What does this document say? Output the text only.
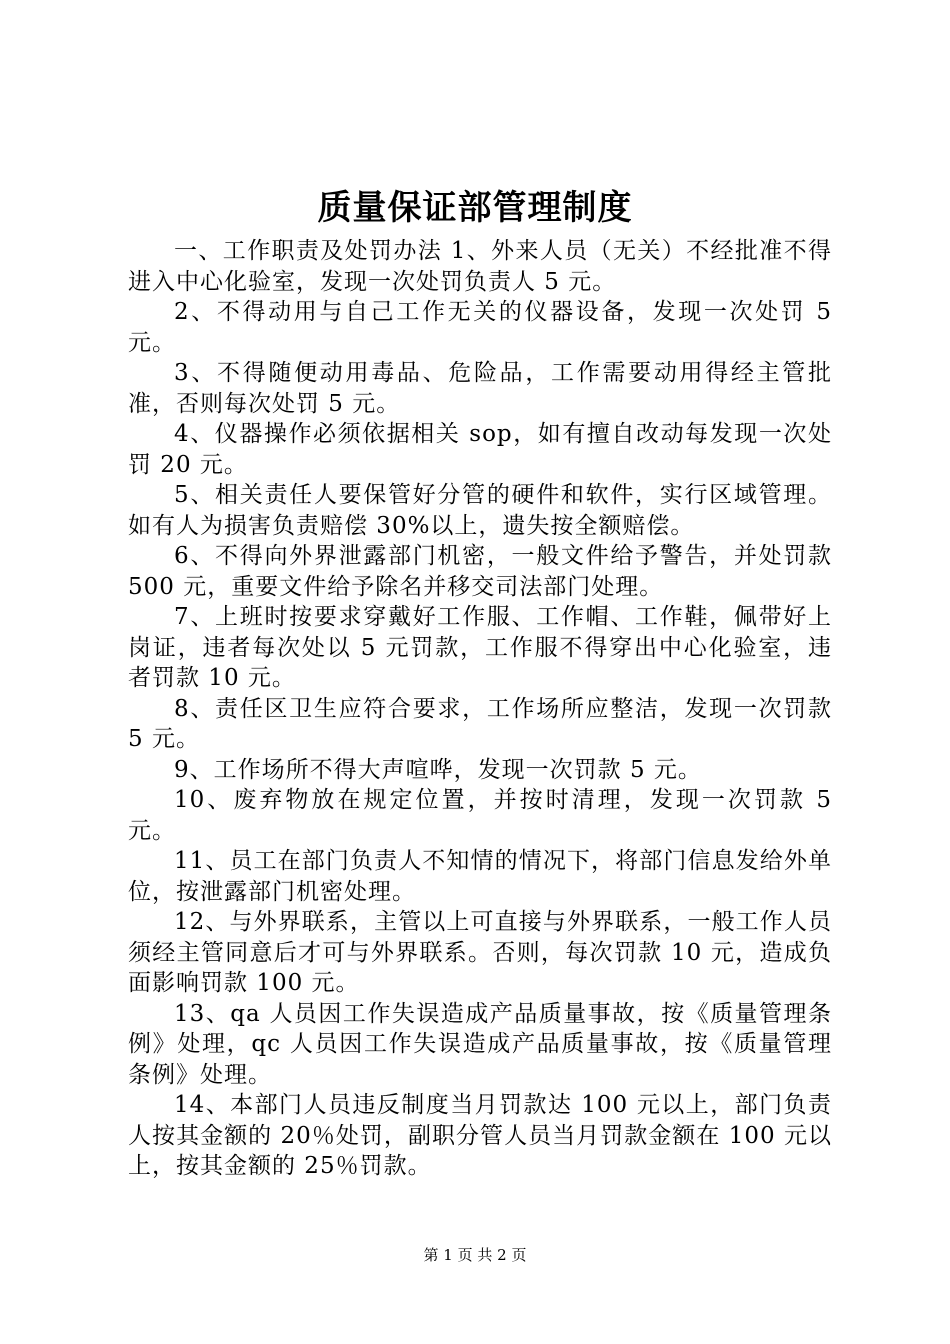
质量保证部管理制度

一、工作职责及处罚办法 1、外来人员（无关）不经批准不得进入中心化验室，发现一次处罚负责人 5 元。

2、不得动用与自己工作无关的仪器设备，发现一次处罚 5 元。

3、不得随便动用毒品、危险品，工作需要动用得经主管批准，否则每次处罚 5 元。

4、仪器操作必须依据相关 sop，如有擅自改动每发现一次处罚 20 元。

5、相关责任人要保管好分管的硬件和软件，实行区域管理。如有人为损害负责赔偿 30%以上，遗失按全额赔偿。

6、不得向外界泄露部门机密，一般文件给予警告，并处罚款 500 元，重要文件给予除名并移交司法部门处理。

7、上班时按要求穿戴好工作服、工作帽、工作鞋，佩带好上岗证，违者每次处以 5 元罚款，工作服不得穿出中心化验室，违者罚款 10 元。

8、责任区卫生应符合要求，工作场所应整洁，发现一次罚款 5 元。

9、工作场所不得大声喧哗，发现一次罚款 5 元。

10、废弃物放在规定位置，并按时清理，发现一次罚款 5 元。

11、员工在部门负责人不知情的情况下，将部门信息发给外单位，按泄露部门机密处理。

12、与外界联系，主管以上可直接与外界联系，一般工作人员须经主管同意后才可与外界联系。否则，每次罚款 10 元，造成负面影响罚款 100 元。

13、qa 人员因工作失误造成产品质量事故，按《质量管理条例》处理，qc 人员因工作失误造成产品质量事故，按《质量管理条例》处理。

14、本部门人员违反制度当月罚款达 100 元以上，部门负责人按其金额的 20％处罚，副职分管人员当月罚款金额在 100 元以上，按其金额的 25％罚款。

第 1 页 共 2 页
